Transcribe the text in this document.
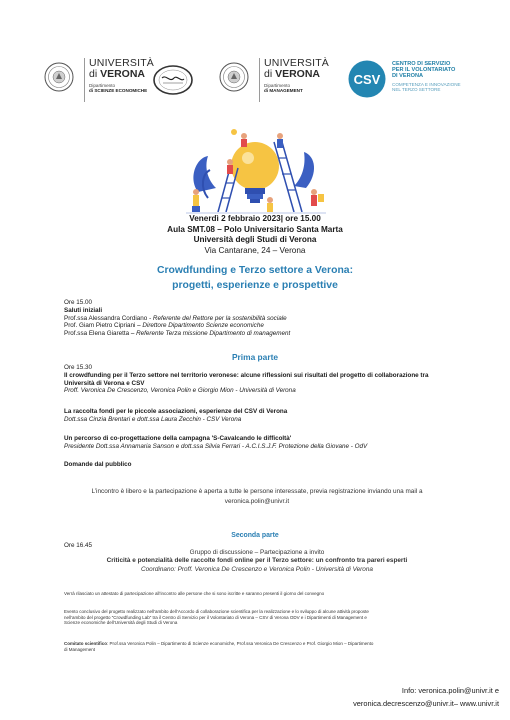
UNIVERSITÀ
di VERONA
Dipartimento
di SCIENZE ECONOMICHE
UNIVERSITÀ
di VERONA
Dipartimento
di MANAGEMENT
CSV
CENTRO DI SERVIZIO
PER IL VOLONTARIATO
DI VERONA
COMPETENZA E INNOVAZIONE
NEL TERZO SETTORE
Venerdì 2 febbraio 2023| ore 15.00
Aula SMT.08 – Polo Universitario Santa Marta
Università degli Studi di Verona
Via Cantarane, 24 – Verona
Crowdfunding e Terzo settore a Verona:
progetti, esperienze e prospettive
Ore 15.00
Saluti iniziali
Prof.ssa Alessandra Cordiano - Referente del Rettore per la sostenibilità sociale
Prof. Giam Pietro Cipriani – Direttore Dipartimento Scienze economiche
Prof.ssa Elena Giaretta – Referente Terza missione Dipartimento di management
Prima parte
Ore 15.30
Il crowdfunding per il Terzo settore nel territorio veronese: alcune riflessioni sui risultati del progetto di collaborazione tra
Università di Verona e CSV
Proff. Veronica De Crescenzo, Veronica Polin e Giorgio Mion - Università di Verona
La raccolta fondi per le piccole associazioni, esperienze del CSV di Verona
Dott.ssa Cinzia Brentari e dott.ssa Laura Zecchin - CSV Verona
Un percorso di co-progettazione della campagna 'S-Cavalcando le difficoltà'
Presidente Dott.ssa Annamaria Sanson e dott.ssa Silvia Ferrari - A.C.I.S.J.F. Protezione della Giovane - OdV
Domande dal pubblico
L’incontro è libero e la partecipazione è aperta a tutte le persone interessate, previa registrazione inviando una mail a
veronica.polin@univr.it
Seconda parte
Ore 16.45
Gruppo di discussione – Partecipazione a invito
Criticità e potenzialità delle raccolte fondi online per il Terzo settore: un confronto tra pareri esperti
Coordinano: Proff. Veronica De Crescenzo e Veronica Polin - Università di Verona
Verrà rilasciato un attestato di partecipazione all’incontro alle persone che si sono iscritte e saranno presenti il giorno del convegno
Evento conclusivo del progetto realizzato nell’ambito dell’Accordo di collaborazione scientifica per la realizzazione e lo sviluppo di alcune attività proposte
nell’ambito del progetto “Crowdfunding Lab” tra il Centro di Servizio per il Volontariato di Verona – CSV di Verona ODV e i Dipartimenti di Management e
Scienze economiche dell’Università degli Studi di Verona
Comitato scientifico: Prof.ssa Veronica Polin – Dipartimento di Scienze economiche, Prof.ssa Veronica De Crescenzo e Prof. Giorgio Mion – Dipartimento
di Management
Info: veronica.polin@univr.it e
veronica.decrescenzo@univr.it– www.univr.it
